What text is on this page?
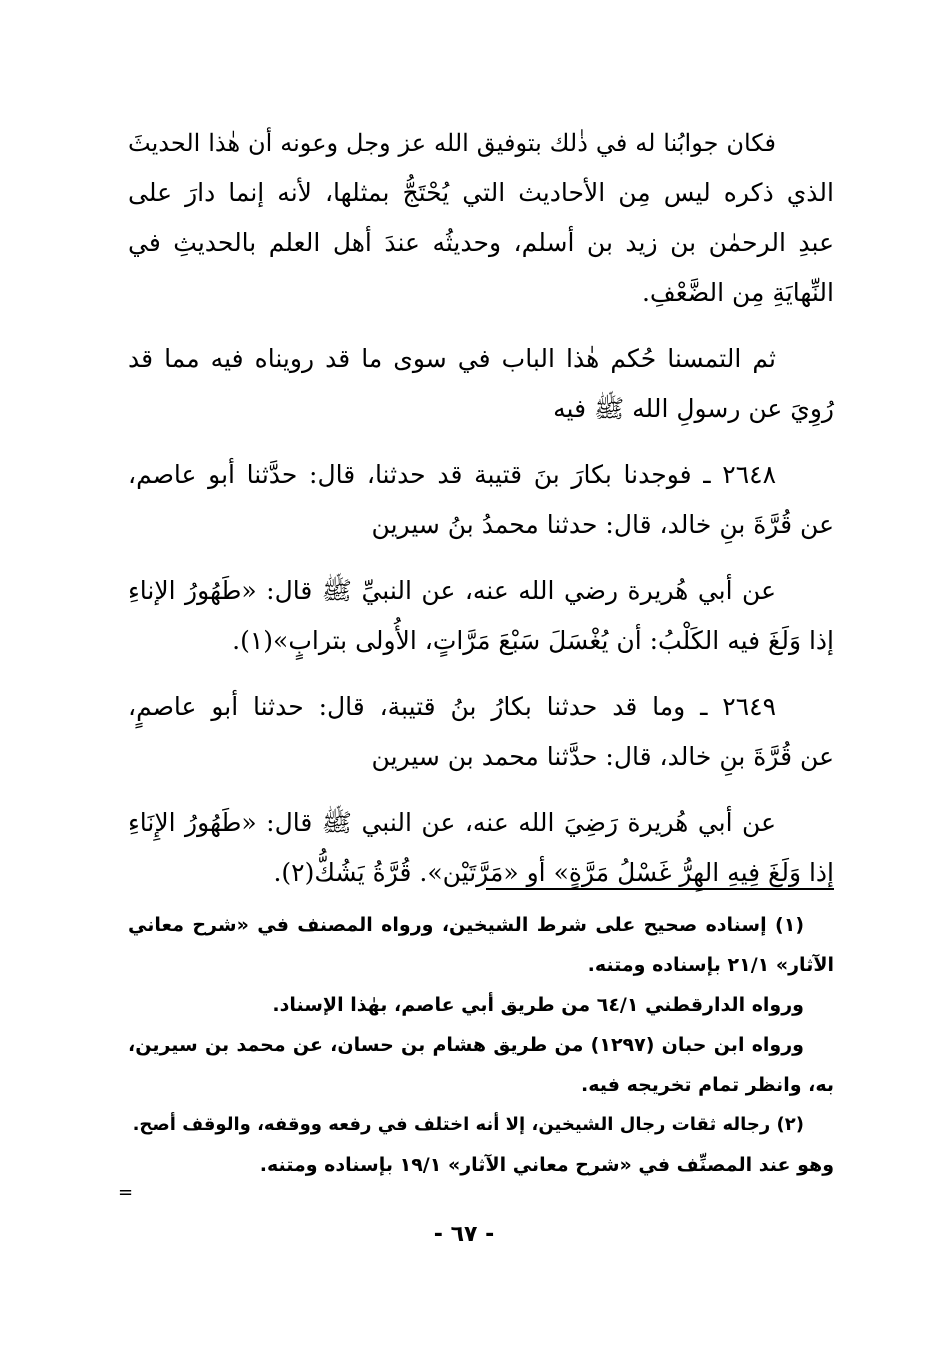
فكان جوابُنا له في ذٰلك بتوفيق الله عز وجل وعونه أن هٰذا الحديثَ
الذي ذكره ليس مِن الأحاديث التي يُحْتَجُّ بمثلها، لأنه إنما دارَ على
عبدِ الرحمٰن بن زيد بن أسلم، وحديثُه عندَ أهل العلم بالحديثِ في
النِّهايَةِ مِن الضَّعْفِ.
ثم التمسنا حُكم هٰذا الباب في سوى ما قد رويناه فيه مما قد
رُوِيَ عن رسولِ الله ﷺ فيه
٢٦٤٨ ـ فوجدنا بكارَ بنَ قتيبة قد حدثنا، قال: حدَّثنا أبو عاصم،
عن قُرَّةَ بنِ خالد، قال: حدثنا محمدُ بنُ سيرين
عن أبي هُريرة رضي الله عنه، عن النبيِّ ﷺ قال: «طَهُورُ الإناءِ
إذا وَلَغَ فيه الكَلْبُ: أن يُغْسَلَ سَبْعَ مَرَّاتٍ، الأُولى بترابٍ»(١).
٢٦٤٩ ـ وما قد حدثنا بكارُ بنُ قتيبة، قال: حدثنا أبو عاصمٍ،
عن قُرَّةَ بنِ خالد، قال: حدَّثنا محمد بن سيرين
عن أبي هُريرة رَضِيَ الله عنه، عن النبي ﷺ قال: «طَهُورُ الإِنَاءِ
إذا وَلَغَ فِيهِ الهِرُّ غَسْلُ مَرَّةٍ» أو «مَرَّتَيْن». قُرَّةُ يَشُكُّ(٢).
(١) إسناده صحيح على شرط الشيخين، ورواه المصنف في «شرح معاني
الآثار» ٢١/١ بإسناده ومتنه.
ورواه الدارقطني ٦٤/١ من طريق أبي عاصم، بهٰذا الإسناد.
ورواه ابن حبان (١٢٩٧) من طريق هشام بن حسان، عن محمد بن سيرين،
به، وانظر تمام تخريجه فيه.
(٢) رجاله ثقات رجال الشيخين، إلا أنه اختلف في رفعه ووقفه، والوقف أصح.
وهو عند المصنِّف في «شرح معاني الآثار» ١٩/١ بإسناده ومتنه.
=
- ٦٧ -
